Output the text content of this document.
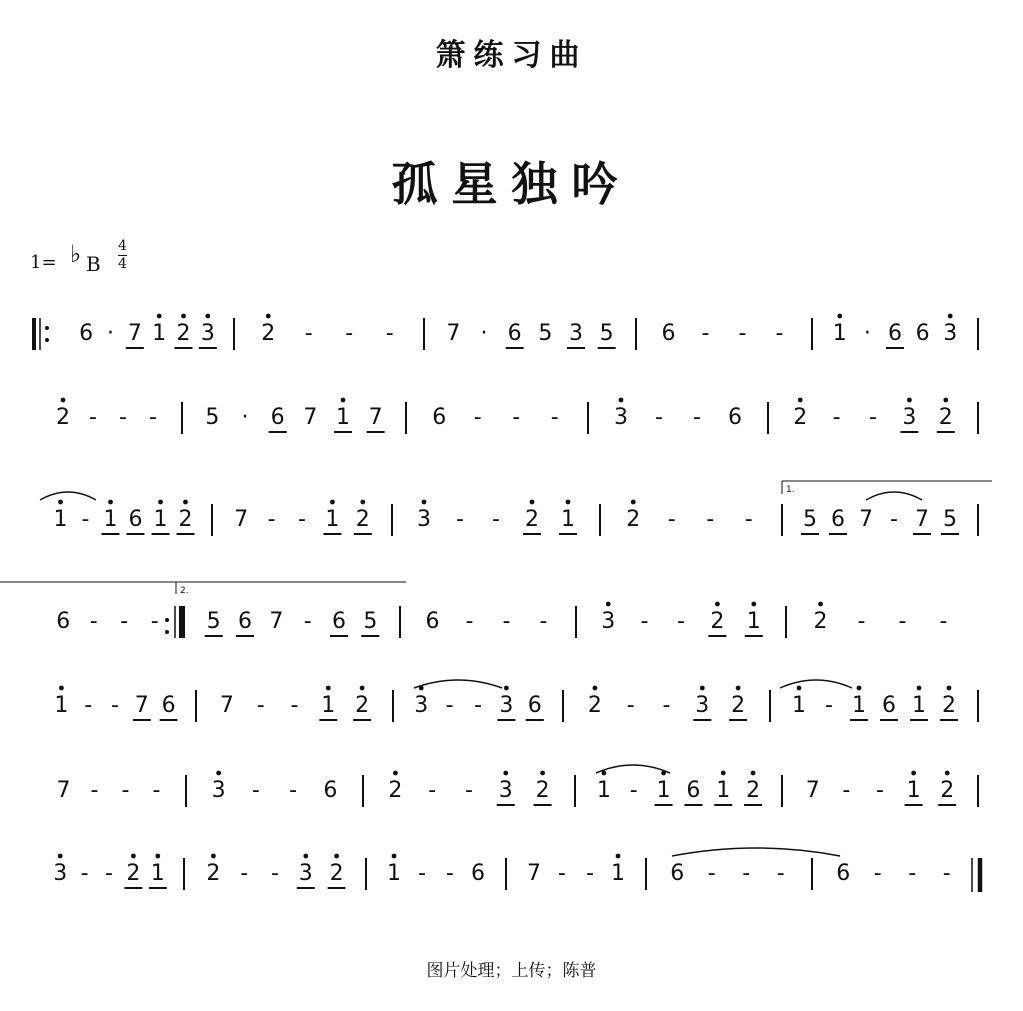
箫练习曲
孤星独吟
1= ♭ B
4
4
6 · 7 1 2 3 2 - - - 7 · 6 5 3 5 6 - - - 1 · 6 6 3
2 - - - 5 · 6 7 1 7 6 - - -	3 - - 6 2 - - 3 2
1 - 1 6 1 2 7 - - 1 2 3 - - 2 1 2 - - - 5 6 7 - 7 5
6 - - - 5 6 7 - 6 5 6 - - - 3 - - 2 1 2 - - -
1 - - 7 6 7 - - 1 2 3 - - 3 6 2 - - 3 2 1 - 1 6 1 2
7 - - - 3 - - 6 2 - - 3 2 1 - 1 6 1 2 7 - - 1 2
3 - - 2 1 2 - - 3 2 1 - - 6 7 - - 1 6 - - - 6 - - -
1.
2.
图片处理；上传；陈普
